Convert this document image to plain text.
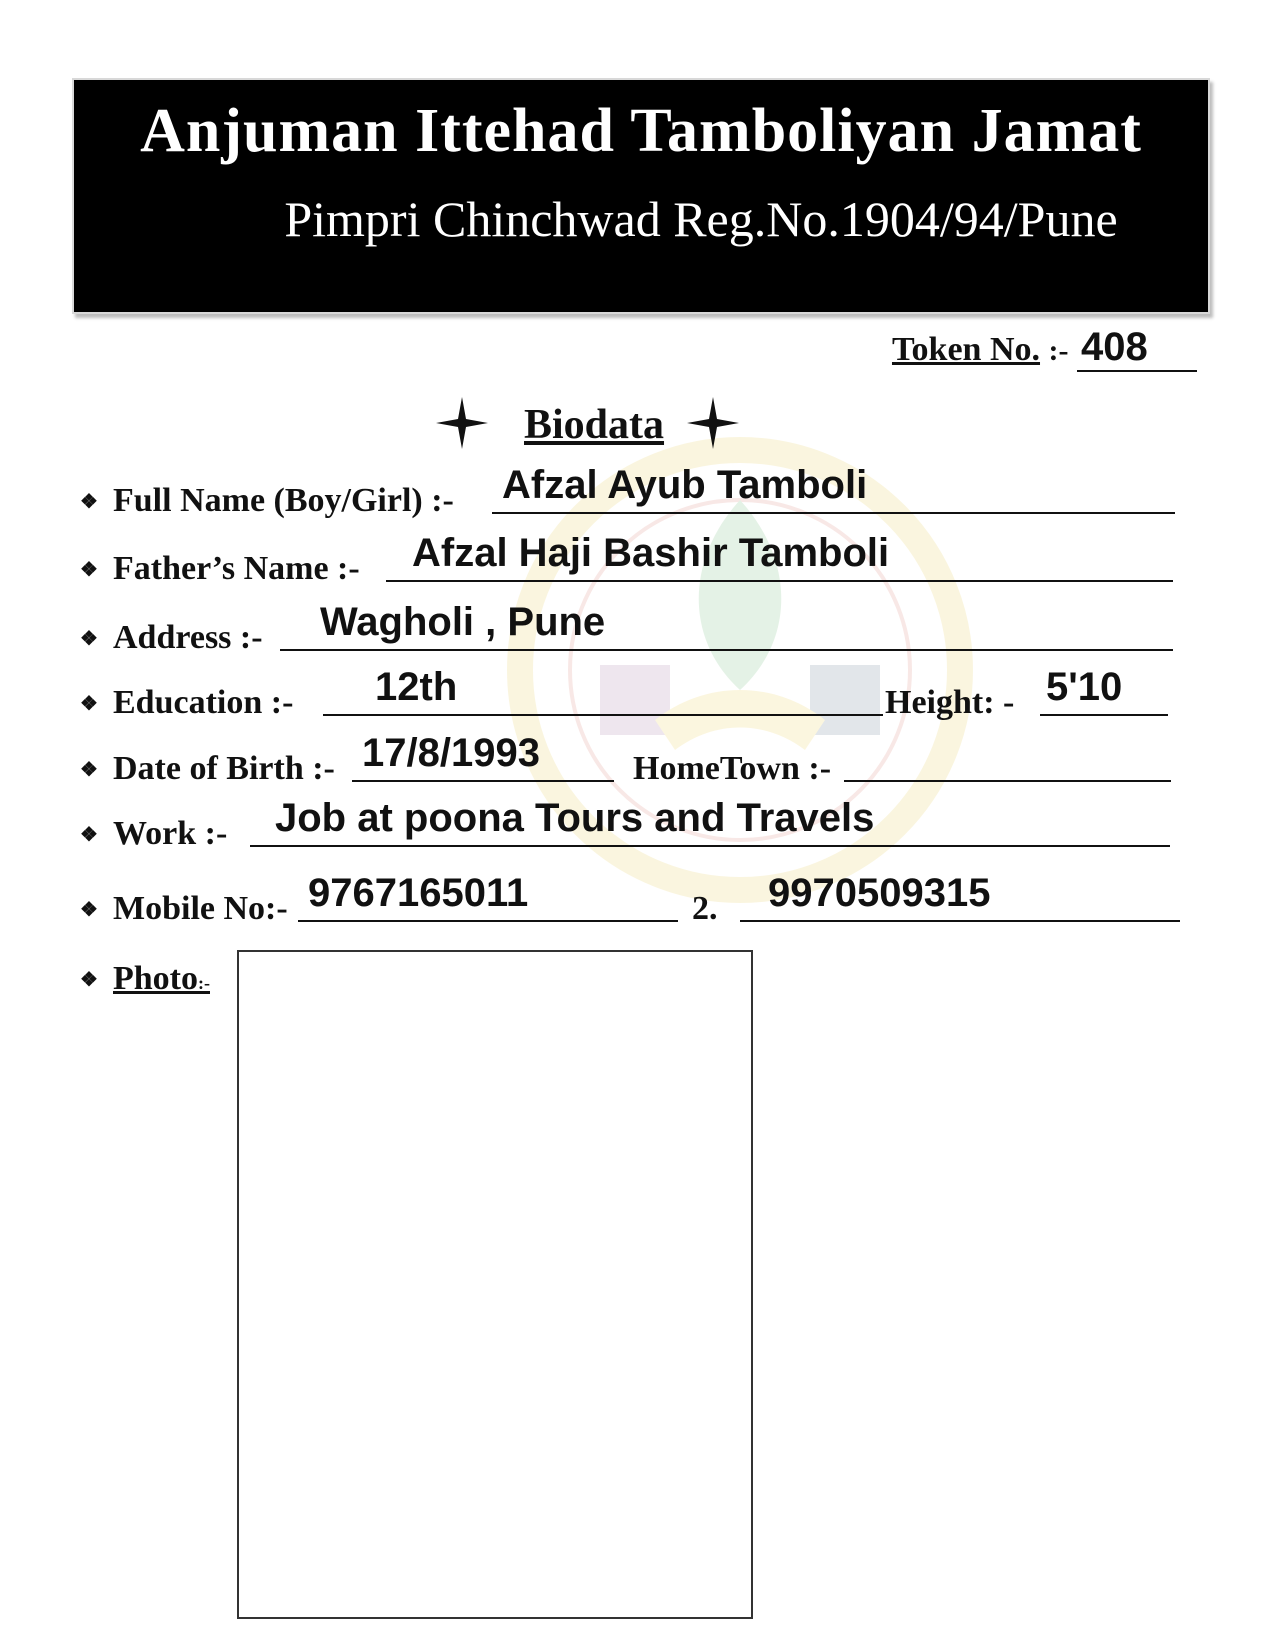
Anjuman Ittehad Tamboliyan Jamat
Pimpri Chinchwad Reg.No.1904/94/Pune
Token No. :- 408
Biodata
❖ Full Name (Boy/Girl) :- Afzal Ayub Tamboli
❖ Father’s Name :- Afzal Haji Bashir Tamboli
❖ Address :- Wagholi , Pune
❖ Education :- 12th	Height: - 5'10
❖ Date of Birth :- 17/8/1993	HomeTown :-
❖ Work :- Job at poona Tours and Travels
❖ Mobile No:- 9767165011	2. 9970509315
❖ Photo:-
